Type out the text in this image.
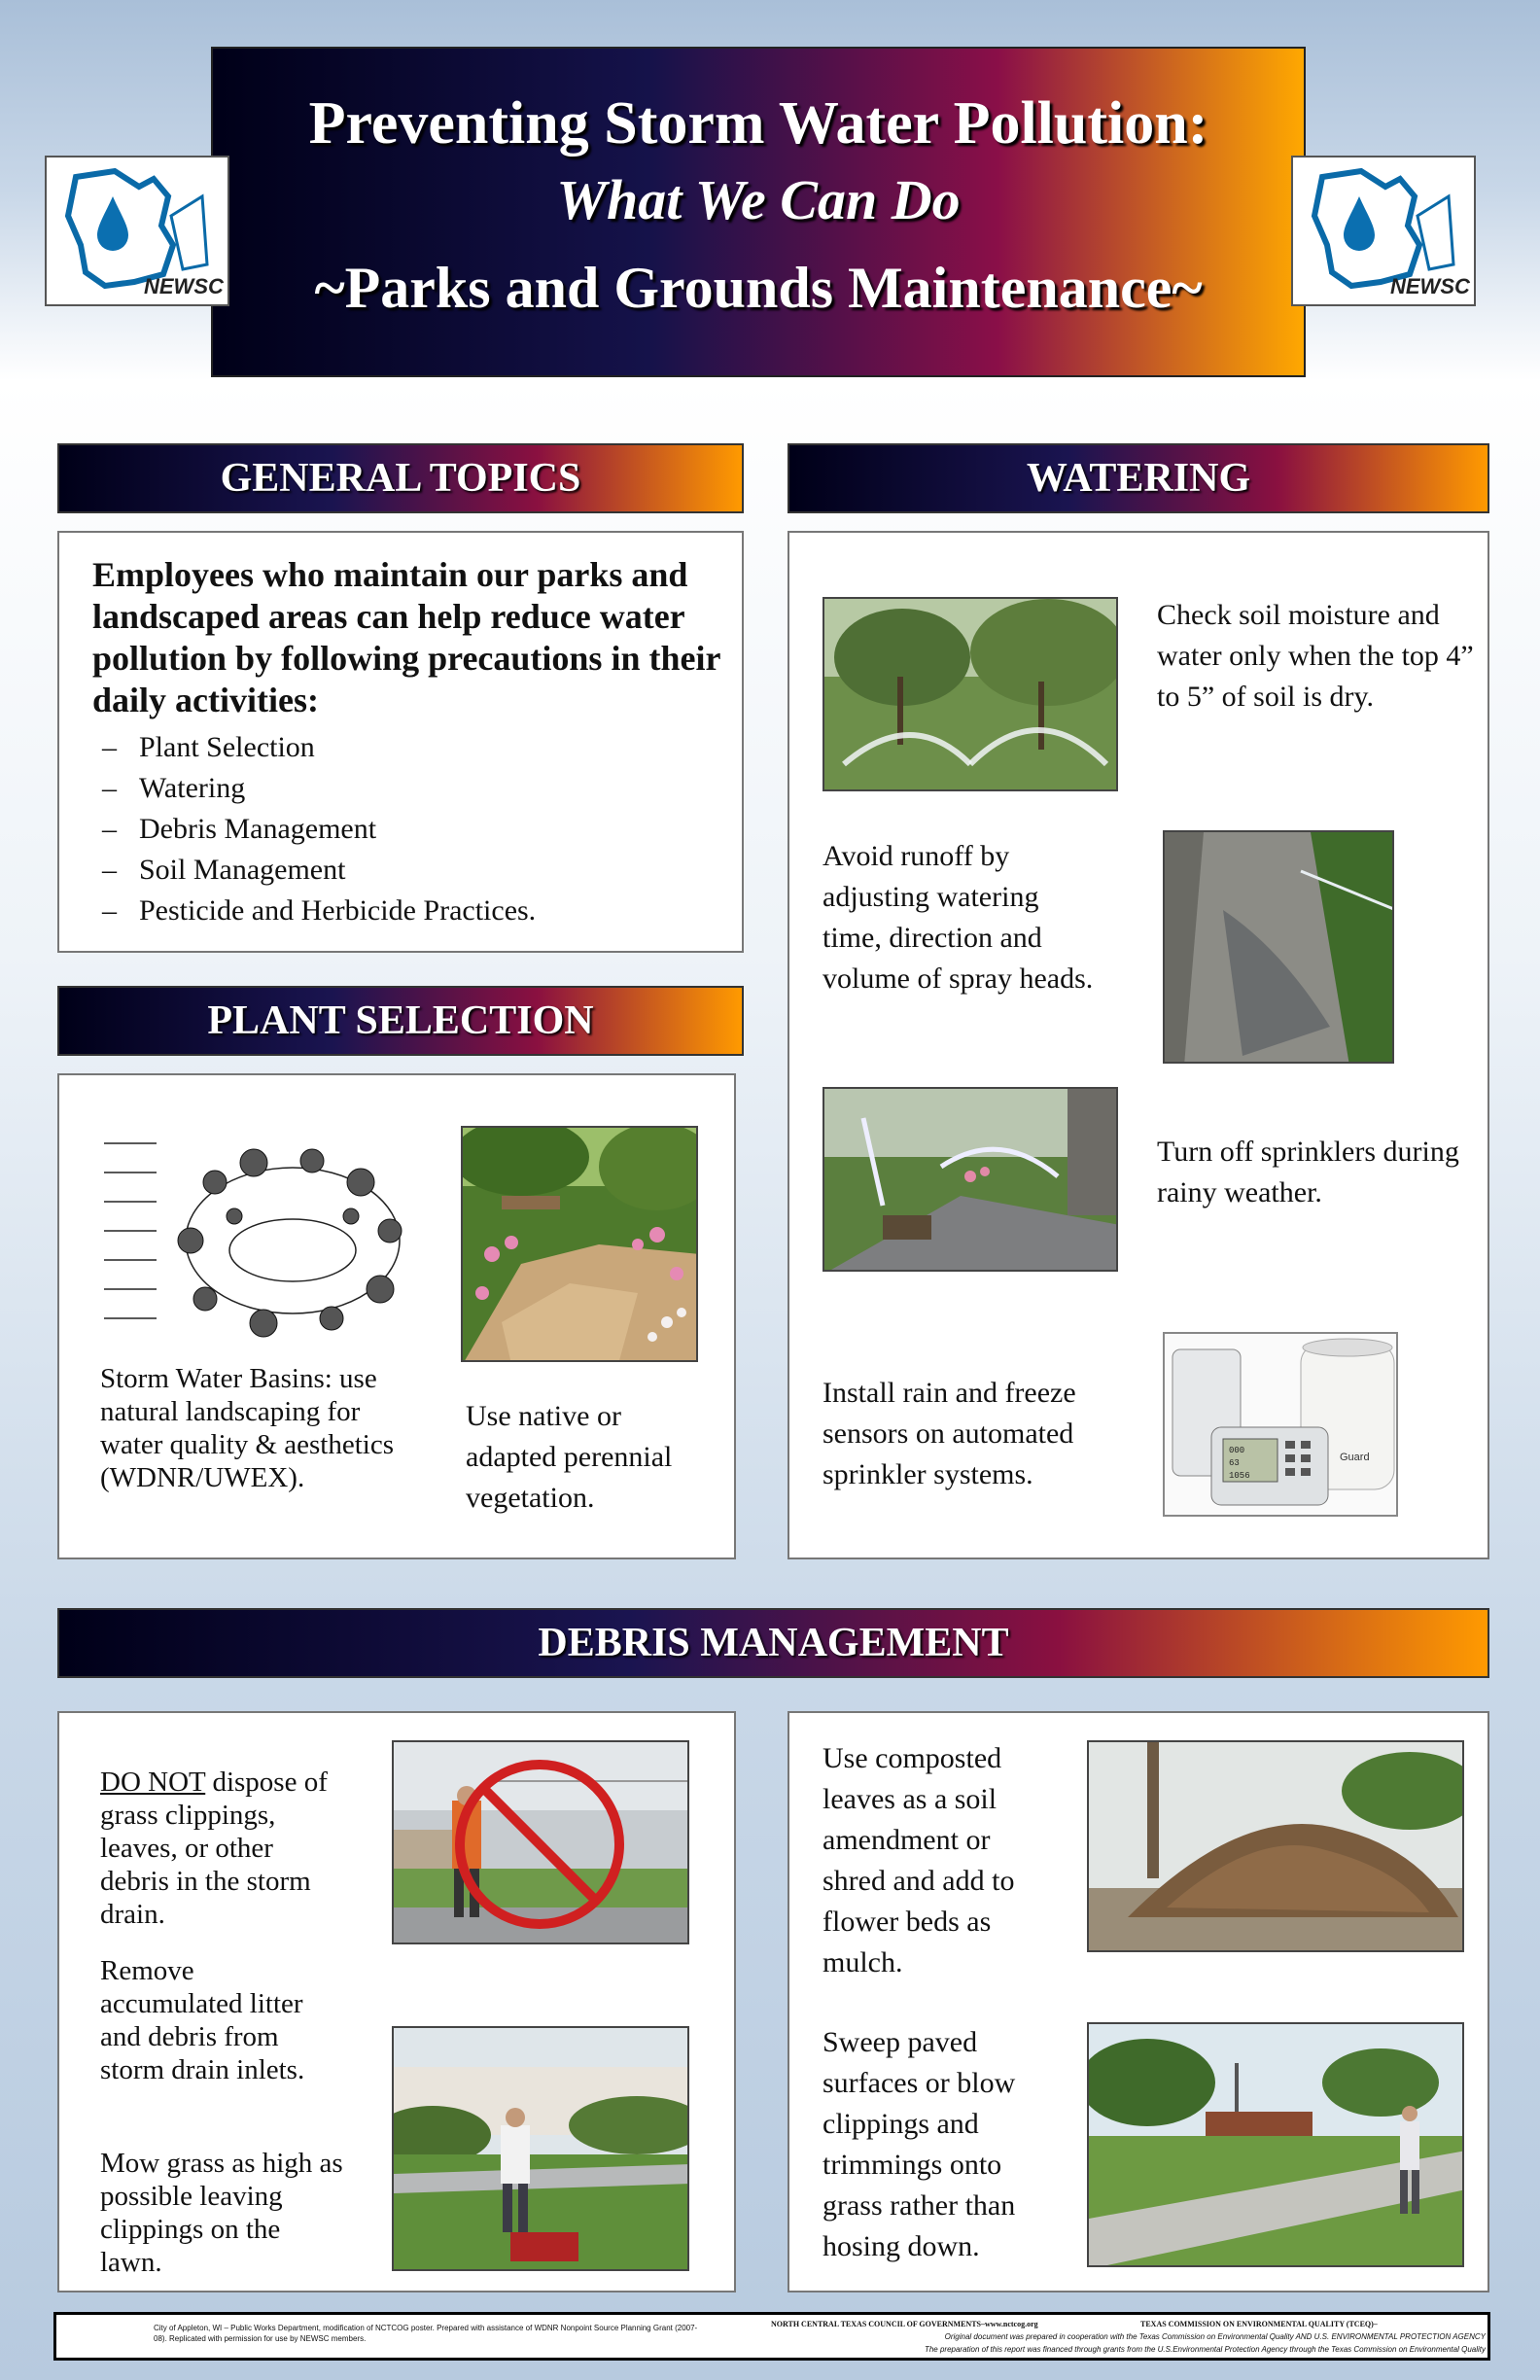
Preventing Storm Water Pollution:
What We Can Do
~Parks and Grounds Maintenance~
NEWSC	NEWSC
GENERAL TOPICS
Employees who maintain our parks and landscaped areas can help reduce water pollution by following precautions in their daily activities:
– Plant Selection
– Watering
– Debris Management
– Soil Management
– Pesticide and Herbicide Practices.
PLANT SELECTION
Storm Water Basins: use natural landscaping for water quality & aesthetics (WDNR/UWEX).
Use native or adapted perennial vegetation.
WATERING
Check soil moisture and water only when the top 4” to 5” of soil is dry.
Avoid runoff by adjusting watering time, direction and volume of spray heads.
Turn off sprinklers during rainy weather.
Install rain and freeze sensors on automated sprinkler systems.
000
63
1056
Guard
DEBRIS MANAGEMENT
DO NOT dispose of grass clippings, leaves, or other debris in the storm drain.
Remove accumulated litter and debris from storm drain inlets.
Mow grass as high as possible leaving clippings on the lawn.
Use composted leaves as a soil amendment or shred and add to flower beds as mulch.
Sweep paved surfaces or blow clippings and trimmings onto grass rather than hosing down.
City of Appleton, WI – Public Works Department, modification of NCTCOG poster. Prepared with assistance of WDNR Nonpoint Source Planning Grant (2007-08). Replicated with permission for use by NEWSC members.
NORTH CENTRAL TEXAS COUNCIL OF GOVERNMENTS–www.nctcog.org	TEXAS COMMISSION ON ENVIRONMENTAL QUALITY (TCEQ)–
Original document was prepared in cooperation with the Texas Commission on Environmental Quality AND U.S. ENVIRONMENTAL PROTECTION AGENCY
The preparation of this report was financed through grants from the U.S.Environmental Protection Agency through the Texas Commission on Environmental Quality
